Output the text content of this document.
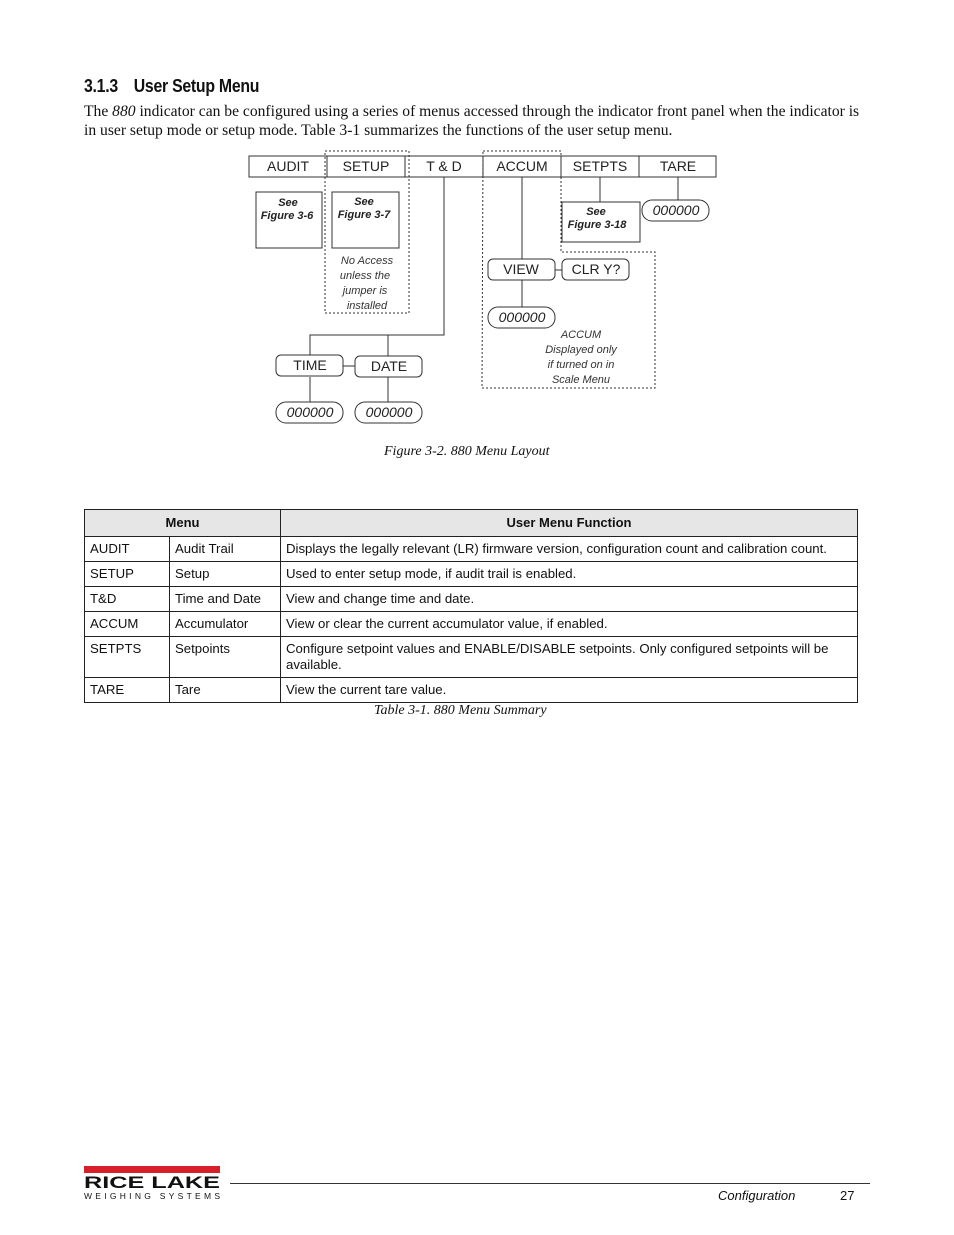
3.1.3 User Setup Menu
The 880 indicator can be configured using a series of menus accessed through the indicator front panel when the indicator is in user setup mode or setup mode. Table 3-1 summarizes the functions of the user setup menu.
AUDIT SETUP	T & D ACCUM SETPTS TARE
See
Figure 3-6
See
Figure 3-7
No Access
unless the
jumper is
installed
TIME	DATE
000000 000000
VIEW CLR Y?
000000
ACCUM
Displayed only
if turned on in
Scale Menu
See
Figure 3-18
000000
Figure 3-2. 880 Menu Layout
Menu		User Menu Function
AUDIT	Audit Trail	Displays the legally relevant (LR) firmware version, configuration count and calibration count.
SETUP	Setup	Used to enter setup mode, if audit trail is enabled.
T&D	Time and Date	View and change time and date.
ACCUM	Accumulator	View or clear the current accumulator value, if enabled.
SETPTS	Setpoints	Configure setpoint values and ENABLE/DISABLE setpoints. Only configured setpoints will be available.
TARE	Tare	View the current tare value.
Table 3-1. 880 Menu Summary
RICE LAKE
WEIGHING SYSTEMS	Configuration	27
